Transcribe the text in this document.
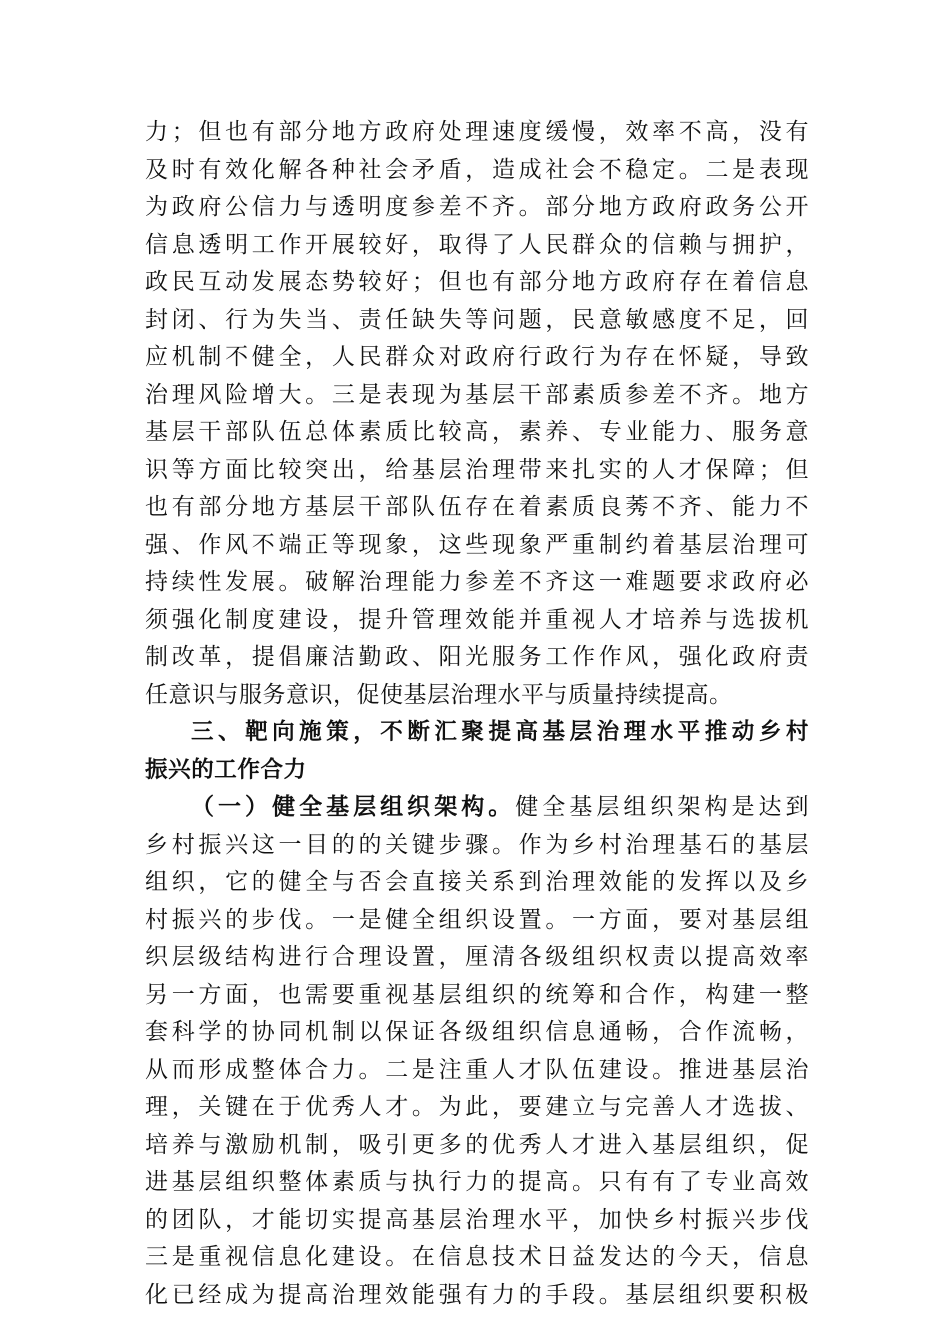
力；但也有部分地方政府处理速度缓慢，效率不高，没有
及时有效化解各种社会矛盾，造成社会不稳定。二是表现
为政府公信力与透明度参差不齐。部分地方政府政务公开
信息透明工作开展较好，取得了人民群众的信赖与拥护，
政民互动发展态势较好；但也有部分地方政府存在着信息
封闭、行为失当、责任缺失等问题，民意敏感度不足，回
应机制不健全，人民群众对政府行政行为存在怀疑，导致
治理风险增大。三是表现为基层干部素质参差不齐。地方
基层干部队伍总体素质比较高，素养、专业能力、服务意
识等方面比较突出，给基层治理带来扎实的人才保障；但
也有部分地方基层干部队伍存在着素质良莠不齐、能力不
强、作风不端正等现象，这些现象严重制约着基层治理可
持续性发展。破解治理能力参差不齐这一难题要求政府必
须强化制度建设，提升管理效能并重视人才培养与选拔机
制改革，提倡廉洁勤政、阳光服务工作作风，强化政府责
任意识与服务意识，促使基层治理水平与质量持续提高。
三、靶向施策，不断汇聚提高基层治理水平推动乡村
振兴的工作合力
（一）健全基层组织架构。健全基层组织架构是达到
乡村振兴这一目的的关键步骤。作为乡村治理基石的基层
组织，它的健全与否会直接关系到治理效能的发挥以及乡
村振兴的步伐。一是健全组织设置。一方面，要对基层组
织层级结构进行合理设置，厘清各级组织权责以提高效率
另一方面，也需要重视基层组织的统筹和合作，构建一整
套科学的协同机制以保证各级组织信息通畅，合作流畅，
从而形成整体合力。二是注重人才队伍建设。推进基层治
理，关键在于优秀人才。为此，要建立与完善人才选拔、
培养与激励机制，吸引更多的优秀人才进入基层组织，促
进基层组织整体素质与执行力的提高。只有有了专业高效
的团队，才能切实提高基层治理水平，加快乡村振兴步伐
三是重视信息化建设。在信息技术日益发达的今天，信息
化已经成为提高治理效能强有力的手段。基层组织要积极
